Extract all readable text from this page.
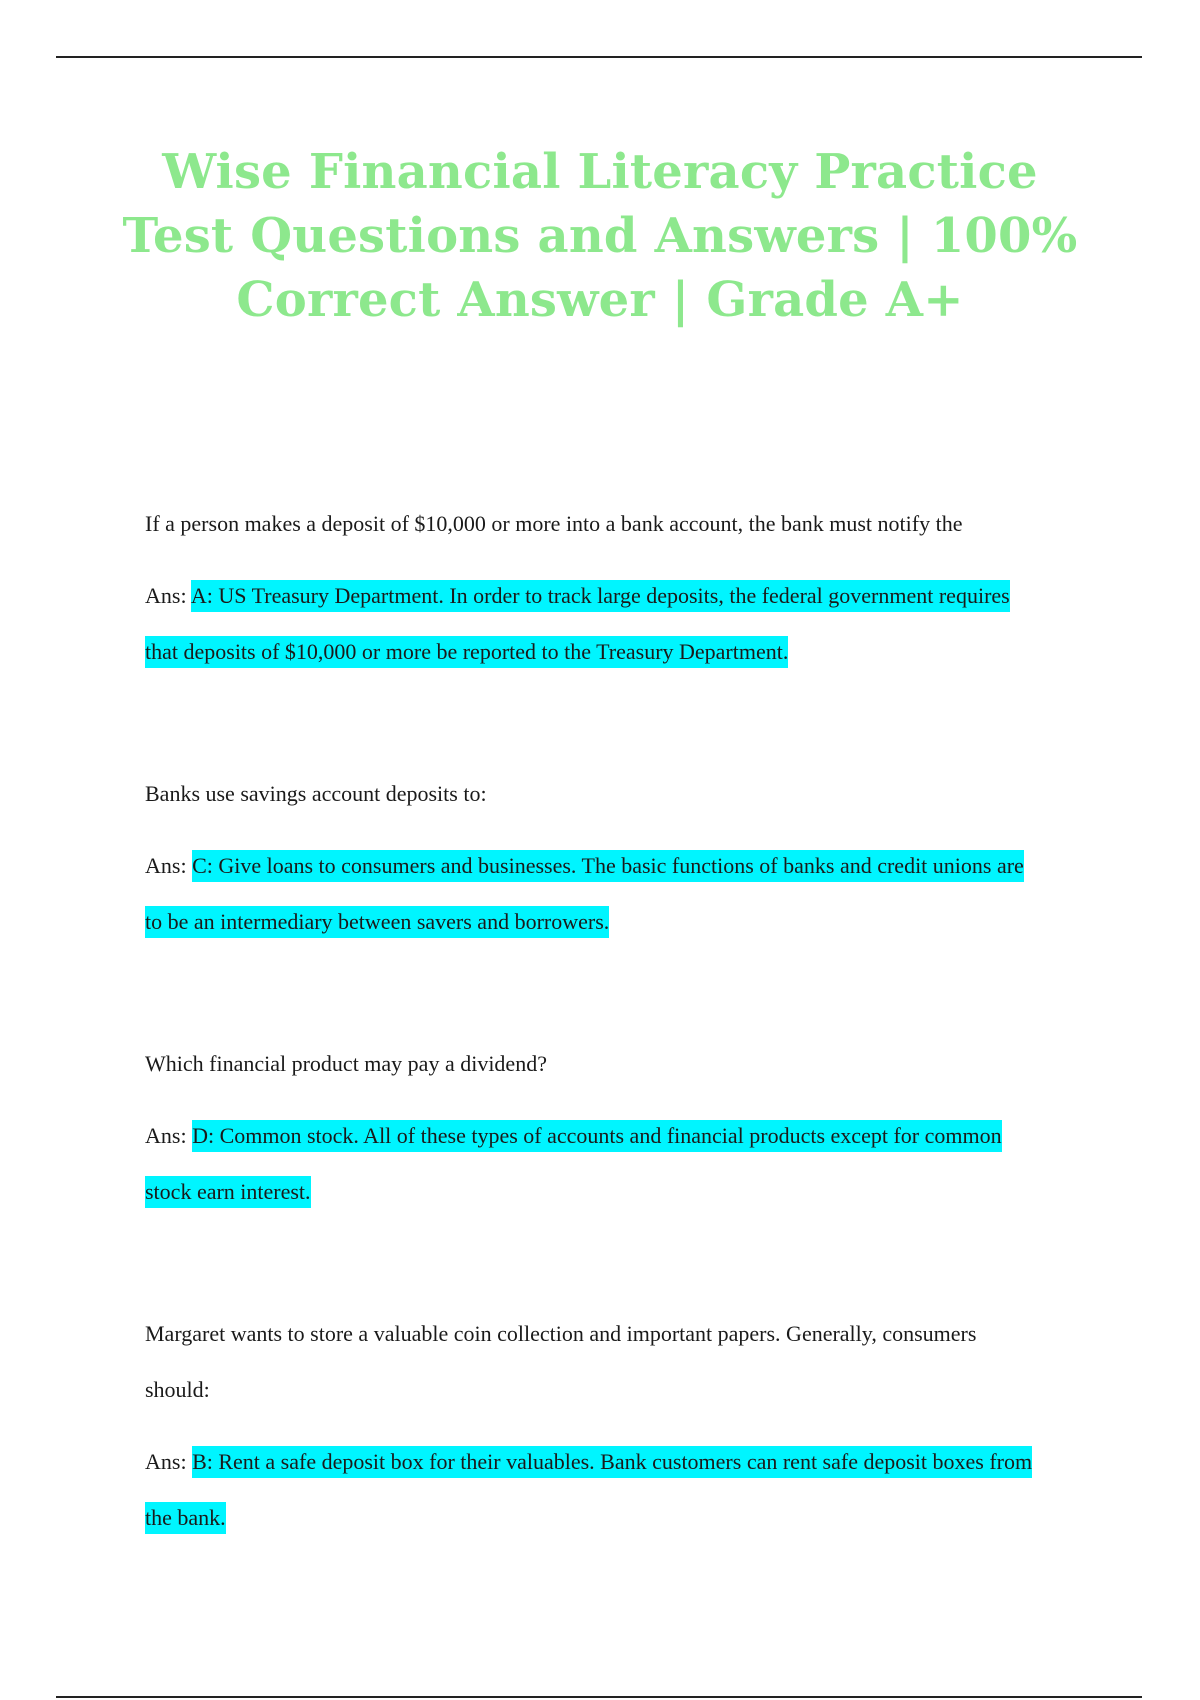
Wise Financial Literacy Practice Test Questions and Answers | 100% Correct Answer | Grade A+

If a person makes a deposit of $10,000 or more into a bank account, the bank must notify the

Ans: A: US Treasury Department. In order to track large deposits, the federal government requires that deposits of $10,000 or more be reported to the Treasury Department.

Banks use savings account deposits to:

Ans: C: Give loans to consumers and businesses. The basic functions of banks and credit unions are to be an intermediary between savers and borrowers.

Which financial product may pay a dividend?

Ans: D: Common stock. All of these types of accounts and financial products except for common stock earn interest.

Margaret wants to store a valuable coin collection and important papers. Generally, consumers should:

Ans: B: Rent a safe deposit box for their valuables. Bank customers can rent safe deposit boxes from the bank.
